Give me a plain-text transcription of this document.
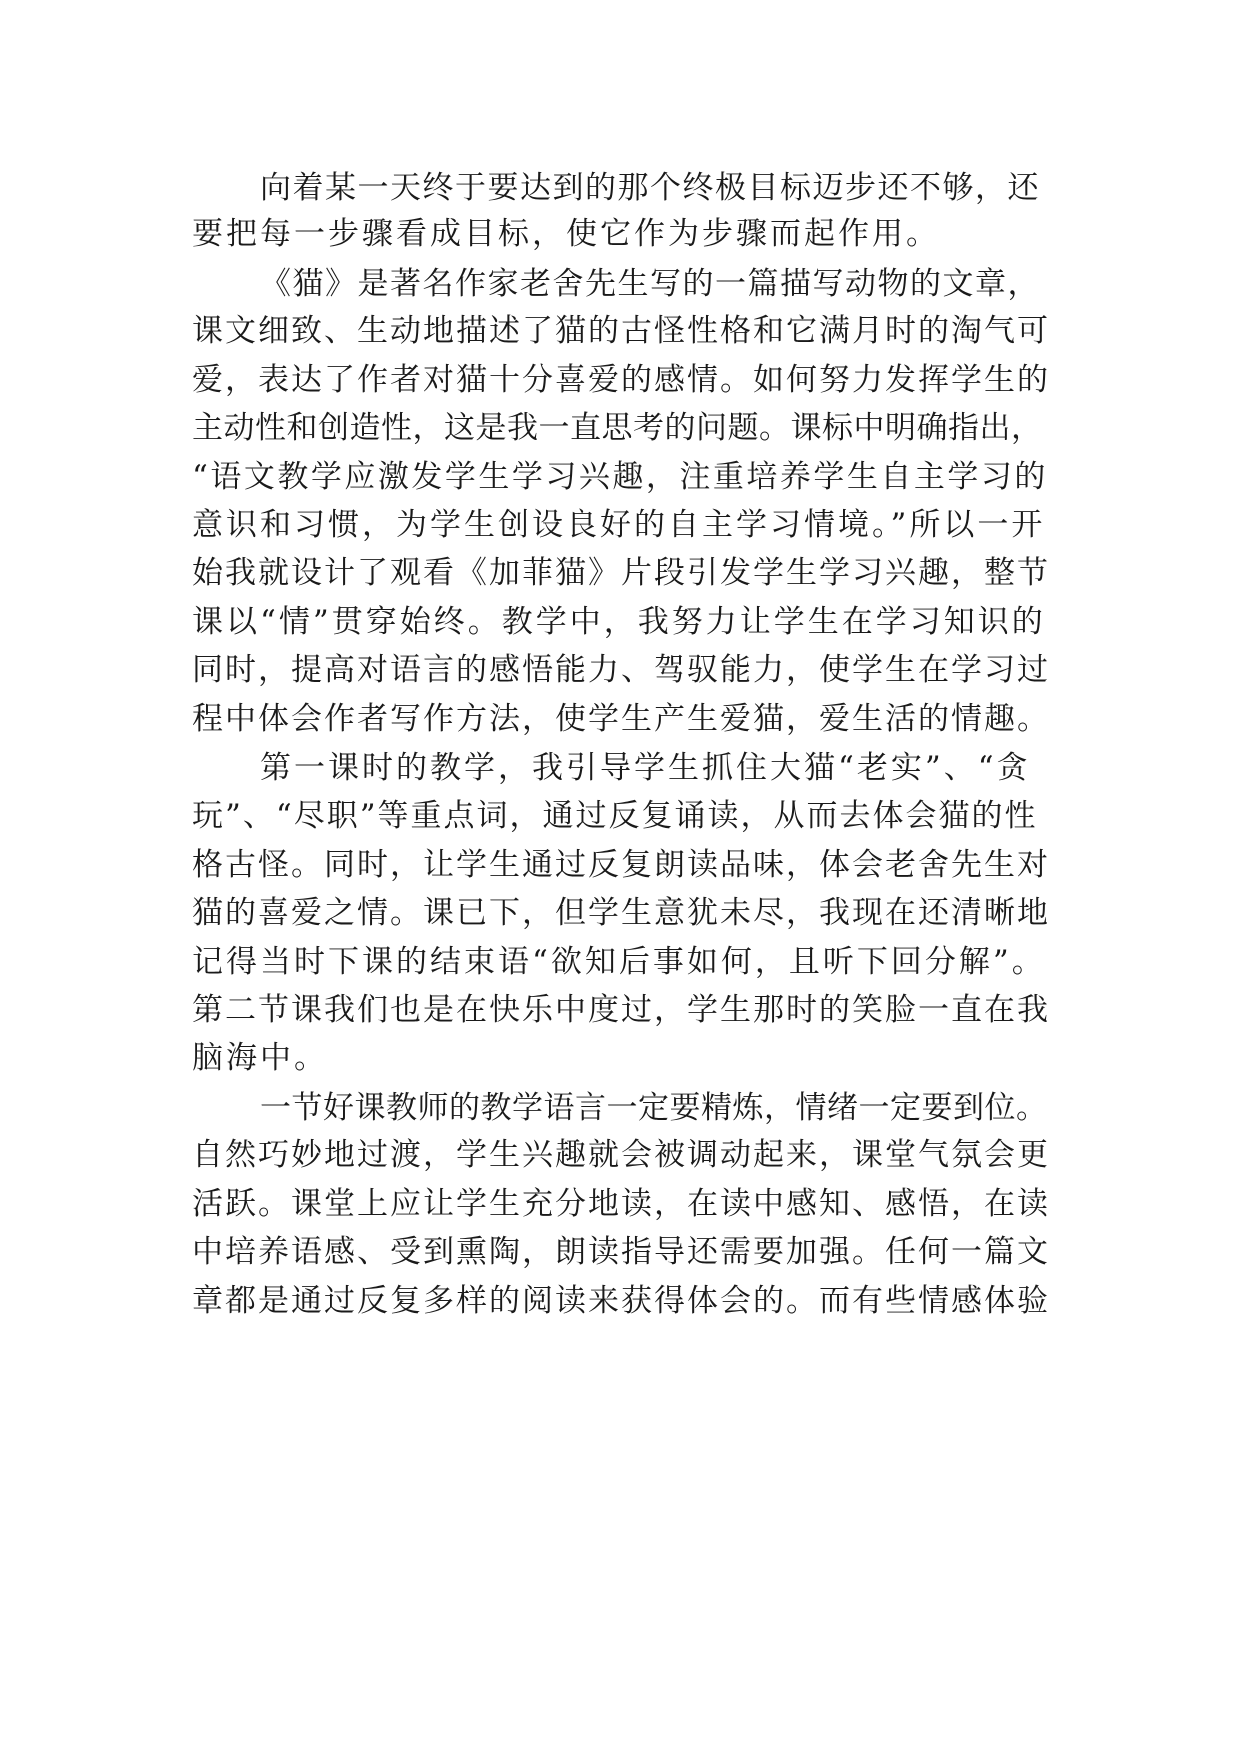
向着某一天终于要达到的那个终极目标迈步还不够，还
要把每一步骤看成目标，使它作为步骤而起作用。
《猫》是著名作家老舍先生写的一篇描写动物的文章，
课文细致、生动地描述了猫的古怪性格和它满月时的淘气可
爱，表达了作者对猫十分喜爱的感情。如何努力发挥学生的
主动性和创造性，这是我一直思考的问题。课标中明确指出，
“语文教学应激发学生学习兴趣，注重培养学生自主学习的
意识和习惯，为学生创设良好的自主学习情境。”所以一开
始我就设计了观看《加菲猫》片段引发学生学习兴趣，整节
课以“情”贯穿始终。教学中，我努力让学生在学习知识的
同时，提高对语言的感悟能力、驾驭能力，使学生在学习过
程中体会作者写作方法，使学生产生爱猫，爱生活的情趣。
第一课时的教学，我引导学生抓住大猫“老实”、“贪
玩”、“尽职”等重点词，通过反复诵读，从而去体会猫的性
格古怪。同时，让学生通过反复朗读品味，体会老舍先生对
猫的喜爱之情。课已下，但学生意犹未尽，我现在还清晰地
记得当时下课的结束语“欲知后事如何，且听下回分解”。
第二节课我们也是在快乐中度过，学生那时的笑脸一直在我
脑海中。
一节好课教师的教学语言一定要精炼，情绪一定要到位。
自然巧妙地过渡，学生兴趣就会被调动起来，课堂气氛会更
活跃。课堂上应让学生充分地读，在读中感知、感悟，在读
中培养语感、受到熏陶，朗读指导还需要加强。任何一篇文
章都是通过反复多样的阅读来获得体会的。而有些情感体验
